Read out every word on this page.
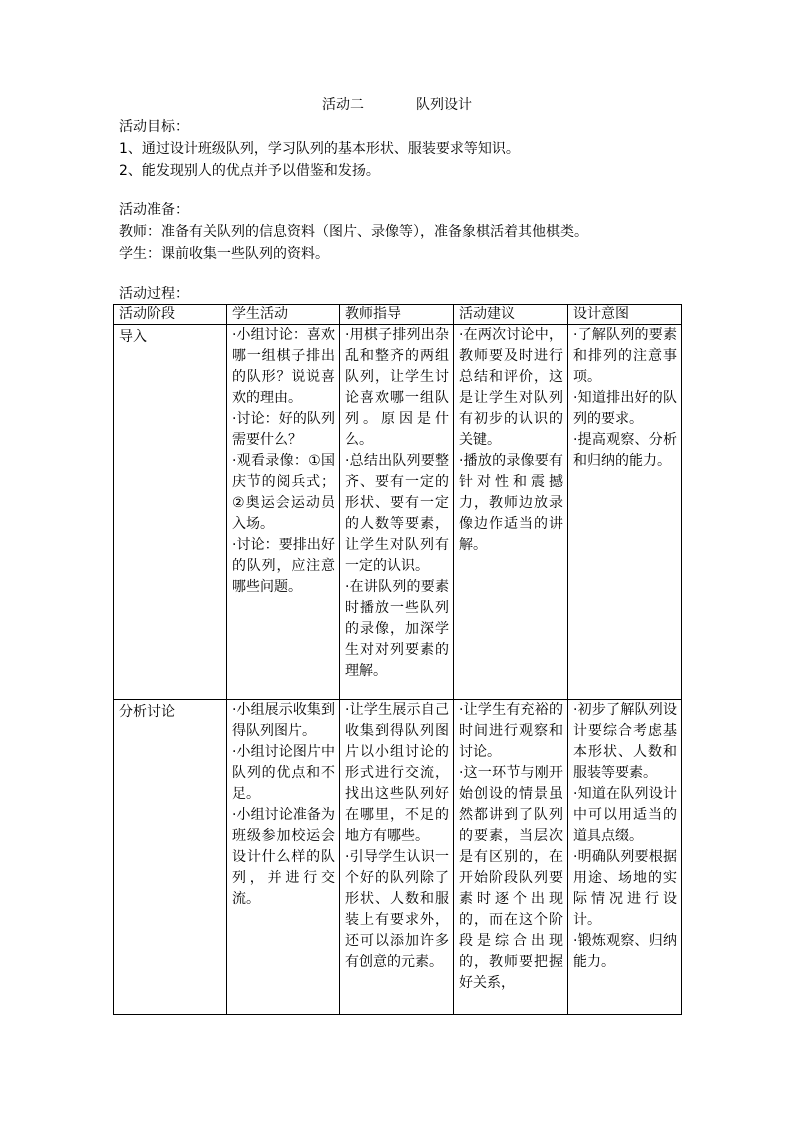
活动二	队列设计
活动目标：
1、通过设计班级队列，学习队列的基本形状、服装要求等知识。
2、能发现别人的优点并予以借鉴和发扬。
活动准备：
教师：准备有关队列的信息资料（图片、录像等），准备象棋活着其他棋类。
学生：课前收集一些队列的资料。
活动过程：
活动阶段	学生活动	教师指导	活动建议	设计意图
导入	·小组讨论：喜欢哪一组棋子排出的队形？说说喜欢的理由。
·讨论：好的队列需要什么？
·观看录像：①国庆节的阅兵式；②奥运会运动员入场。
·讨论：要排出好的队列，应注意哪些问题。	·用棋子排列出杂乱和整齐的两组队列，让学生讨论喜欢哪一组队列。原因是什么。
·总结出队列要整齐、要有一定的形状、要有一定的人数等要素，让学生对队列有一定的认识。
·在讲队列的要素时播放一些队列的录像，加深学生对对列要素的理解。	·在两次讨论中，教师要及时进行总结和评价，这是让学生对队列有初步的认识的关键。
·播放的录像要有针对性和震撼力，教师边放录像边作适当的讲解。	·了解队列的要素和排列的注意事项。
·知道排出好的队列的要求。
·提高观察、分析和归纳的能力。

分析讨论	·小组展示收集到得队列图片。
·小组讨论图片中队列的优点和不足。
·小组讨论准备为班级参加校运会设计什么样的队列，并进行交流。	·让学生展示自己收集到得队列图片以小组讨论的形式进行交流，找出这些队列好在哪里，不足的地方有哪些。
·引导学生认识一个好的队列除了形状、人数和服装上有要求外，还可以添加许多有创意的元素。	·让学生有充裕的时间进行观察和讨论。
·这一环节与刚开始创设的情景虽然都讲到了队列的要素，当层次是有区别的，在开始阶段队列要素时逐个出现的，而在这个阶段是综合出现的，教师要把握好关系，	·初步了解队列设计要综合考虑基本形状、人数和服装等要素。
·知道在队列设计中可以用适当的道具点缀。
·明确队列要根据用途、场地的实际情况进行设计。
·锻炼观察、归纳能力。
